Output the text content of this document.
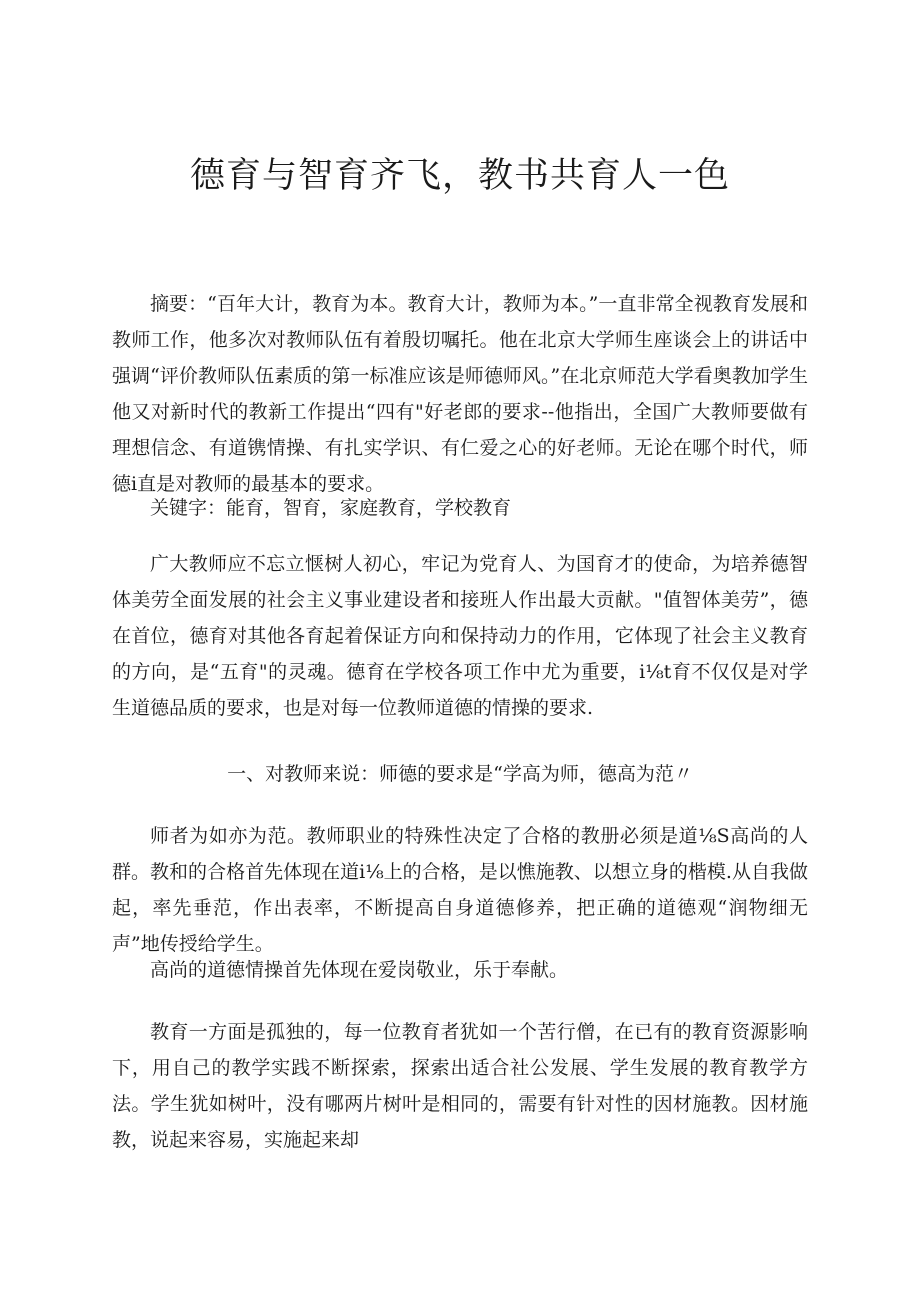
德育与智育齐飞，教书共育人一色

摘要：“百年大计，教育为本。教育大计，教师为本。”一直非常全视教育发展和教师工作，他多次对教师队伍有着殷切嘱托。他在北京大学师生座谈会上的讲话中强调“评价教师队伍素质的第一标准应该是师德师风。”在北京师范大学看奥教加学生他又对新时代的教新工作提出“四有"好老郎的要求--他指出，全国广大教师要做有理想信念、有道镌情操、有扎实学识、有仁爱之心的好老师。无论在哪个时代，师德i直是对教师的最基本的要求。

关键字：能育，智育，家庭教育，学校教育

广大教师应不忘立惬树人初心，牢记为党育人、为国育才的使命，为培养德智体美劳全面发展的社会主义事业建设者和接班人作出最大贡献。"值智体美劳”，德在首位，德育对其他各育起着保证方向和保持动力的作用，它体现了社会主义教育的方向，是“五育"的灵魂。德育在学校各项工作中尤为重要，i⅛t育不仅仅是对学生道德品质的要求，也是对每一位教师道德的情操的要求.

一、对教师来说：师德的要求是“学高为师，德高为范〃

师者为如亦为范。教师职业的特殊性决定了合格的教册必须是道⅛S高尚的人群。教和的合格首先体现在道i⅛上的合格，是以憔施教、以想立身的楷模.从自我做起，率先垂范，作出表率，不断提高自身道德修养，把正确的道德观“润物细无声”地传授给学生。

高尚的道德情操首先体现在爱岗敬业，乐于奉献。

教育一方面是孤独的，每一位教育者犹如一个苦行僧，在已有的教育资源影响下，用自己的教学实践不断探索，探索出适合社公发展、学生发展的教育教学方法。学生犹如树叶，没有哪两片树叶是相同的，需要有针对性的因材施教。因材施教，说起来容易，实施起来却
